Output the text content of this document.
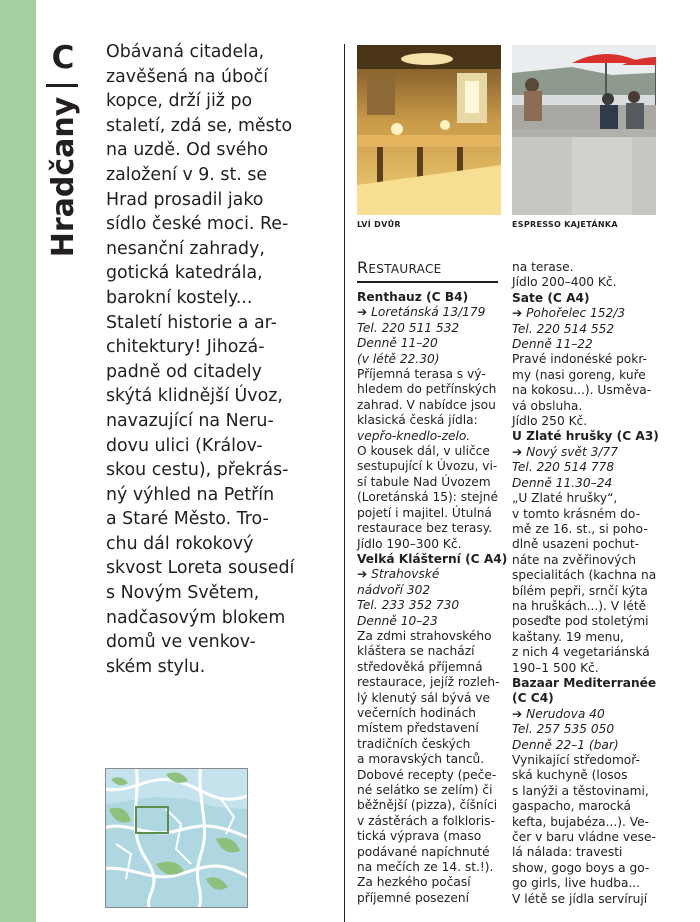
C
Hradčany

Obávaná citadela,
zavěšená na úbočí
kopce, drží již po
staletí, zdá se, město
na uzdě. Od svého
založení v 9. st. se
Hrad prosadil jako
sídlo české moci. Re-
nesanční zahrady,
gotická katedrála,
barokní kostely...
Staletí historie a ar-
chitektury! Jihozá-
padně od citadely
skýtá klidnější Úvoz,
navazující na Neru-
dovu ulici (Králov-
skou cestu), překrás-
ný výhled na Petřín
a Staré Město. Tro-
chu dál rokokový
skvost Loreta sousedí
s Novým Světem,
nadčasovým blokem
domů ve venkov-
ském stylu.

LVÍ DVŮR	ESPRESSO KAJETÁNKA
RESTAURACE
Renthauz (C B4)
➔ Loretánská 13/179
Tel. 220 511 532
Denně 11–20
(v létě 22.30)
Příjemná terasa s vý-
hledem do petřínských
zahrad. V nabídce jsou
klasická česká jídla:
vepřo-knedlo-zelo.
O kousek dál, v uličce
sestupující k Úvozu, vi-
sí tabule Nad Úvozem
(Loretánská 15): stejné
pojetí i majitel. Útulná
restaurace bez terasy.
Jídlo 190–300 Kč.
Velká Klášterní (C A4)
➔ Strahovské
nádvoří 302
Tel. 233 352 730
Denně 10–23
Za zdmi strahovského
kláštera se nachází
středověká příjemná
restaurace, jejíž rozleh-
lý klenutý sál bývá ve
večerních hodinách
místem představení
tradičních českých
a moravských tanců.
Dobové recepty (peče-
né selátko se zelím) či
běžnější (pizza), číšníci
v zástěrách a folkloris-
tická výprava (maso
podávané napíchnuté
na mečích ze 14. st.!).
Za hezkého počasí
příjemné posezení
na terase.
Jídlo 200–400 Kč.
Sate (C A4)
➔ Pohořelec 152/3
Tel. 220 514 552
Denně 11–22
Pravé indonéské pokr-
my (nasi goreng, kuře
na kokosu...). Usměva-
vá obsluha.
Jídlo 250 Kč.
U Zlaté hrušky (C A3)
➔ Nový svět 3/77
Tel. 220 514 778
Denně 11.30–24
„U Zlaté hrušky“,
v tomto krásném do-
mě ze 16. st., si poho-
dlně usazeni pochut-
náte na zvěřinových
specialitách (kachna na
bílém pepři, srnčí kýta
na hruškách...). V létě
poseďte pod stoletými
kaštany. 19 menu,
z nich 4 vegetariánská
190–1 500 Kč.
Bazaar Mediterranée
(C C4)
➔ Nerudova 40
Tel. 257 535 050
Denně 22–1 (bar)
Vynikající středomoř-
ská kuchyně (losos
s lanýži a těstovinami,
gaspacho, marocká
kefta, bujabéza...). Ve-
čer v baru vládne vese-
lá nálada: travesti
show, gogo boys a go-
go girls, live hudba...
V létě se jídla servírují
